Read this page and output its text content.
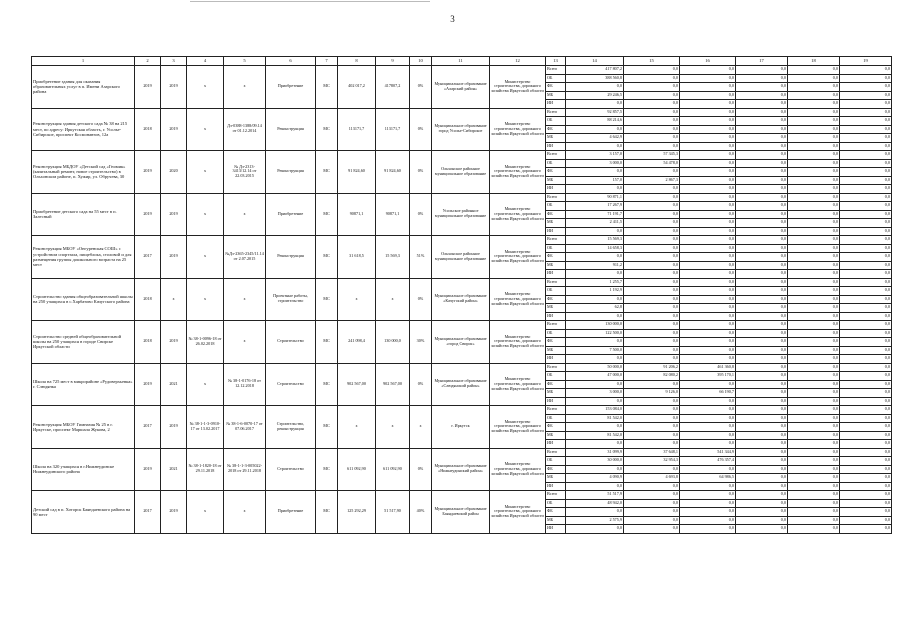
3
1	2	3	4	5	6	7	8	9	10	11	12	13	14	15	16	17	18	19
Приобретение здания для оказания образовательных услуг в п. Имени Азарского района	2019	2019	х	х	Приобретение	МС	402 017,2	417807,2	0%	Муниципальное образование «Аларский район»	Министерство строительства, дорожного хозяйства Иркутской области	Всего	417 807,2	0,0	0,0	0,0	0,0	0,0
												ОБ	388 560,8	0,0	0,0	0,0	0,0	0,0
												ФБ	0,0	0,0	0,0	0,0	0,0	0,0
												МБ	29 246,5	0,0	0,0	0,0	0,0	0,0
												ИИ	0,0	0,0	0,0	0,0	0,0	0,0
Реконструкция здания детского сада № 38 на 215 мест, по адресу: Иркутская область, г. Усолье-Сибирское, проспект Космонавтов, 12а	2018	2019	х	Дз-0388-1388/09.14 от 01.12.2014	Реконструкция	МС	113171,7	113171,7	0%	Муниципальное образование город Усолье-Сибирское	Министерство строительства, дорожного хозяйства Иркутской области	Всего	92 857,5	0,0	0,0	0,0	0,0	0,0
												ОБ	88 214,6	0,0	0,0	0,0	0,0	0,0
												ФБ	0,0	0,0	0,0	0,0	0,0	0,0
												МБ	4 642,9	0,0	0,0	0,0	0,0	0,0
												ИИ	0,0	0,0	0,0	0,0	0,0	0,0
Реконструкция МБДОУ «Детский сад «Гномик» (капитальный ремонт, новое строительство) в Ольхонском районе, п. Хужир, ул. Обручева, 30	2019	2020	х	№ Дз-2313-3413/12.14 от 22.03.2015	Реконструкция	МС	91 824,60	91 824,60	0%	Ольхонское районное муниципальное образование	Министерство строительства, дорожного хозяйства Иркутской области	Всего	3 157,0	57 345,3	0,0	0,0	0,0	0,0
												ОБ	3 000,0	54 478,0	0,0	0,0	0,0	0,0
												ФБ	0,0	0,0	0,0	0,0	0,0	0,0
												МБ	157,0	2 867,3	0,0	0,0	0,0	0,0
												ИИ	0,0	0,0	0,0	0,0	0,0	0,0
Приобретение детского сада на 55 мест в п. Залесный	2019	2019	х	х	Приобретение	МС	90871,1	90871,1	0%	Усольское районное муниципальное образование	Министерство строительства, дорожного хозяйства Иркутской области	Всего	90 871,1	0,0	0,0	0,0	0,0	0,0
												ОБ	17 267,9	0,0	0,0	0,0	0,0	0,0
												ФБ	71 191,7	0,0	0,0	0,0	0,0	0,0
												МБ	2 411,5	0,0	0,0	0,0	0,0	0,0
												ИИ	0,0	0,0	0,0	0,0	0,0	0,0
Реконструкция МБОУ «Онгуренская СОШ» с устройством спортзала, пищеблока, столовой и для размещения группы дошкольного возраста на 25 мест	2017	2019	х	№Дз-2365-2345/11.14 от 2.07.2015	Реконструкция	МС	31 618,5	15 569,3	51%	Ольхонское районное муниципальное образование	Министерство строительства, дорожного хозяйства Иркутской области	Всего	15 569,3	0,0	0,0	0,0	0,0	0,0
												ОБ	14 658,3	0,0	0,0	0,0	0,0	0,0
												ФБ	0,0	0,0	0,0	0,0	0,0	0,0
												МБ	911,2	0,0	0,0	0,0	0,0	0,0
												ИИ	0,0	0,0	0,0	0,0	0,0	0,0
Строительство здания общеобразовательной школы на 250 учащихся в с.Харбатово Качугского района	2018	х	х	х	Проектные работы, строительство	МС	х	х	0%	Муниципальное образование «Качугский район»	Министерство строительства, дорожного хозяйства Иркутской области	Всего	1 255,7	0,0	0,0	0,0	0,0	0,0
												ОБ	1 192,9	0,0	0,0	0,0	0,0	0,0
												ФБ	0,0	0,0	0,0	0,0	0,0	0,0
												МБ	62,8	0,0	0,0	0,0	0,0	0,0
												ИИ	0,0	0,0	0,0	0,0	0,0	0,0
Строительство средней общеобразовательной школы на 250 учащихся в городе Свирске Иркутской области	2018	2019	№ 38-1-0096-18 от 26.02.2018	х	Строительство	МС	241 098,4	130 000,0	30%	Муниципальное образование «город Свирск»	Министерство строительства, дорожного хозяйства Иркутской области	Всего	130 000,0	0,0	0,0	0,0	0,0	0,0
												ОБ	122 500,0	0,0	0,0	0,0	0,0	0,0
												ФБ	0,0	0,0	0,0	0,0	0,0	0,0
												МБ	7 500,0	0,0	0,0	0,0	0,0	0,0
												ИИ	0,0	0,0	0,0	0,0	0,0	0,0
Школа на 725 мест в микрорайоне «Рудоверхьевка» г. Слюдянка	2019	2021	х	№ 38-1-0176-18 от 12.12.2018	Строительство	МС	902 567,00	902 567,00	0%	Муниципальное образование «Слюдянский район»	Министерство строительства, дорожного хозяйства Иркутской области	Всего	50 000,0	91 206,2	461 360,8	0,0	0,0	0,0
												ОБ	47 000,0	82 080,2	395 170,1	0,0	0,0	0,0
												ФБ	0,0	0,0	0,0	0,0	0,0	0,0
												МБ	3 000,0	9 126,0	66 190,7	0,0	0,0	0,0
												ИИ	0,0	0,0	0,0	0,0	0,0	0,0
Реконструкция МБОУ Гимназия № 25 в г. Иркутске, проспект Маршала Жукова, 2	2017	2019	№ 38-1-1-3-0910-17 от 13.02.2017	№ 38-1-6-0070-17 от 07.06.2017	Строительство, реконструкция	МС	х	х	х	г. Иркутск	Министерство строительства, дорожного хозяйства Иркутской области	Всего	153 084,0	0,0	0,0	0,0	0,0	0,0
												ОБ	81 542,0	0,0	0,0	0,0	0,0	0,0
												ФБ	0,0	0,0	0,0	0,0	0,0	0,0
												МБ	81 542,0	0,0	0,0	0,0	0,0	0,0
												ИИ	0,0	0,0	0,0	0,0	0,0	0,0
Школа на 320 учащихся в г.Нижнеудинске Нижнеудинского района	2019	2021	№ 38-1-1820-18 от 29.11.2018	№ 38-1-1-3-005022-2018 от 29.11.2018	Строительство	МС	611 092,90	611 092,90	0%	Муниципальное образование «Нижнеудинский район»	Министерство строительства, дорожного хозяйства Иркутской области	Всего	31 099,9	37 648,1	541 344,9	0,0	0,0	0,0
												ОБ	30 000,0	32 954,3	476 357,4	0,0	0,0	0,0
												ФБ	0,0	0,0	0,0	0,0	0,0	0,0
												МБ	4 090,9	4 693,8	64 986,5	0,0	0,0	0,0
												ИИ	0,0	0,0	0,0	0,0	0,0	0,0
Детский сад в п. Хоторск Баяндаевского района на 90 мест	2017	2019	х	х	Приобретение	МС	125 292,29	51 517,90	40%	Муниципальное образование Баяндаевский район	Министерство строительства, дорожного хозяйства Иркутской области	Всего	51 517,9	0,0	0,0	0,0	0,0	0,0
												ОБ	48 942,0	0,0	0,0	0,0	0,0	0,0
												ФБ	0,0	0,0	0,0	0,0	0,0	0,0
												МБ	2 575,9	0,0	0,0	0,0	0,0	0,0
												ИИ	0,0	0,0	0,0	0,0	0,0	0,0
